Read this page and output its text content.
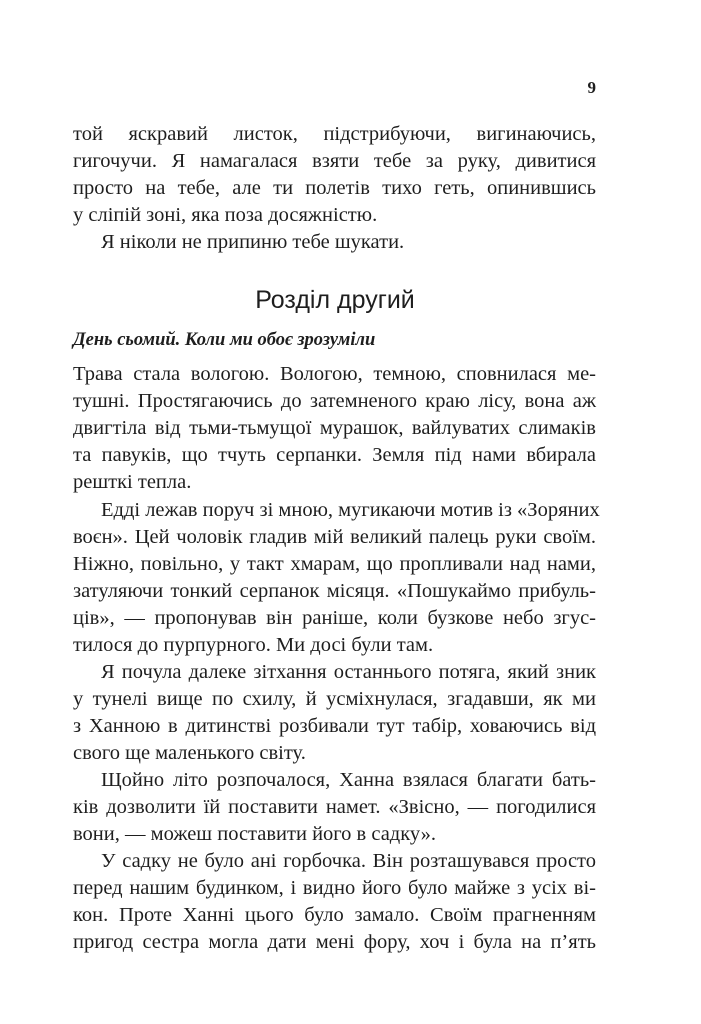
9
той яскравий листок, підстрибуючи, вигинаючись,
гигочучи. Я намагалася взяти тебе за руку, дивитися
просто на тебе, але ти полетів тихо геть, опинившись
у сліпій зоні, яка поза досяжністю.
Я ніколи не припиню тебе шукати.
Розділ другий
День сьомий. Коли ми обоє зрозуміли
Трава стала вологою. Вологою, темною, сповнилася ме-
тушні. Простягаючись до затемненого краю лісу, вона аж
двигтіла від тьми-тьмущої мурашок, вайлуватих слимаків
та павуків, що тчуть серпанки. Земля під нами вбирала
решткі тепла.
Едді лежав поруч зі мною, мугикаючи мотив із «Зоряних
воєн». Цей чоловік гладив мій великий палець руки своїм.
Ніжно, повільно, у такт хмарам, що пропливали над нами,
затуляючи тонкий серпанок місяця. «Пошукаймо прибуль-
ців», — пропонував він раніше, коли бузкове небо згус-
тилося до пурпурного. Ми досі були там.
Я почула далеке зітхання останнього потяга, який зник
у тунелі вище по схилу, й усміхнулася, згадавши, як ми
з Ханною в дитинстві розбивали тут табір, ховаючись від
свого ще маленького світу.
Щойно літо розпочалося, Ханна взялася благати бать-
ків дозволити їй поставити намет. «Звісно, — погодилися
вони, — можеш поставити його в садку».
У садку не було ані горбочка. Він розташувався просто
перед нашим будинком, і видно його було майже з усіх ві-
кон. Проте Ханні цього було замало. Своїм прагненням
пригод сестра могла дати мені фору, хоч і була на п’ять
